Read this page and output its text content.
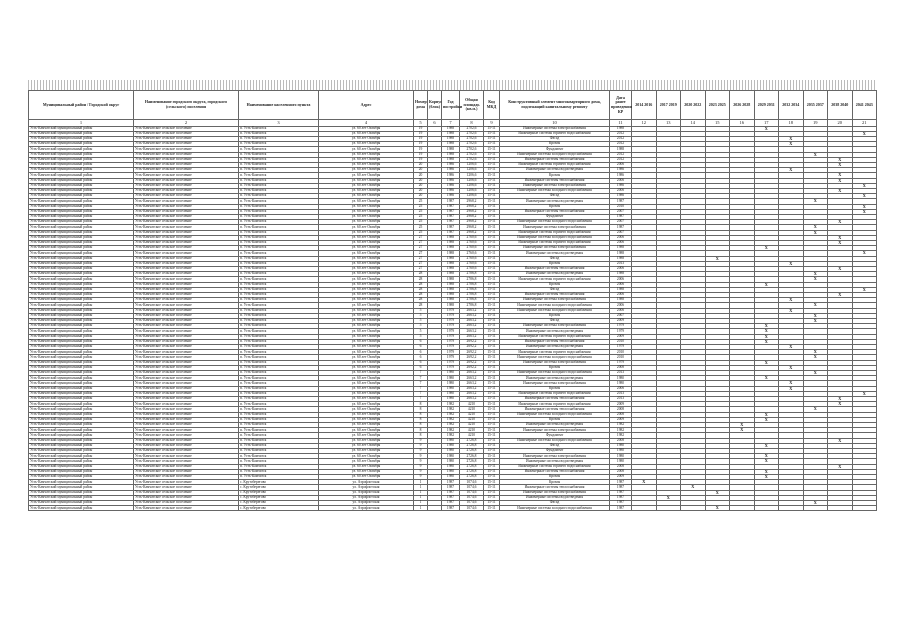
Муниципальный район / Городской округ	Наименование городского округа, городского (сельского) поселения	Наименование населенного пункта	Адрес	Номер дома	Корпус (блок)	Год постройки	Общая площадь (кв.м.)	Код МКД	Конструктивный элемент многоквартирного дома, подлежащий капитальному ремонту	Дата ранее проведения КР	2014 2016	2017 2019	2020 2022	2023 2025	2026 2028	2029 2031	2032 2034	2035 2037	2038 2040	2041 2043
1	2	3	4	5	6	7	8	9	10	11	12	13	14	15	16	17	18	19	20	21
Усть-Камчатский муниципальный район	Усть-Камчатское сельское поселение	п. Усть-Камчатск	ул. 60 лет Октября	19		1988	2702,6	15-11	Инженерные системы электроснабжения	1988						X				
Усть-Камчатский муниципальный район	Усть-Камчатское сельское поселение	п. Усть-Камчатск	ул. 60 лет Октября	19		1988	2702,6	15-11	Инженерные системы горячего водоснабжения	2012										X
Усть-Камчатский муниципальный район	Усть-Камчатское сельское поселение	п. Усть-Камчатск	ул. 60 лет Октября	19		1988	2702,6	15-11	Фасад	2012							X			
Усть-Камчатский муниципальный район	Усть-Камчатское сельское поселение	п. Усть-Камчатск	ул. 60 лет Октября	19		1988	2702,6	15-11	Кровля	2012							X			
Усть-Камчатский муниципальный район	Усть-Камчатское сельское поселение	п. Усть-Камчатск	ул. 60 лет Октября	19		1988	2702,6	15-11	Фундамент	1988										
Усть-Камчатский муниципальный район	Усть-Камчатское сельское поселение	п. Усть-Камчатск	ул. 60 лет Октября	19		1988	2702,6	15-11	Инженерные системы холодного водоснабжения	2012								X		
Усть-Камчатский муниципальный район	Усть-Камчатское сельское поселение	п. Усть-Камчатск	ул. 60 лет Октября	19		1988	2702,6	15-11	Инженерные системы теплоснабжения	2012									X	
Усть-Камчатский муниципальный район	Усть-Камчатское сельское поселение	п. Усть-Камчатск	ул. 60 лет Октября	20		1986	1206,6	15-11	Инженерные системы горячего водоснабжения	2006									X	
Усть-Камчатский муниципальный район	Усть-Камчатское сельское поселение	п. Усть-Камчатск	ул. 60 лет Октября	20		1986	1206,6	15-11	Инженерные системы водоотведения	1986							X			
Усть-Камчатский муниципальный район	Усть-Камчатское сельское поселение	п. Усть-Камчатск	ул. 60 лет Октября	20		1986	1206,6	15-11	Кровля	1986									X	
Усть-Камчатский муниципальный район	Усть-Камчатское сельское поселение	п. Усть-Камчатск	ул. 60 лет Октября	20		1986	1206,6	15-11	Инженерные системы теплоснабжения	2006									X	
Усть-Камчатский муниципальный район	Усть-Камчатское сельское поселение	п. Усть-Камчатск	ул. 60 лет Октября	20		1986	1206,6	15-11	Инженерные системы электроснабжения	1986										X
Усть-Камчатский муниципальный район	Усть-Камчатское сельское поселение	п. Усть-Камчатск	ул. 60 лет Октября	20		1986	1206,6	15-11	Инженерные системы холодного водоснабжения	2006									X	
Усть-Камчатский муниципальный район	Усть-Камчатское сельское поселение	п. Усть-Камчатск	ул. 60 лет Октября	20		1986	1206,6	15-11	Фасад	1986										X
Усть-Камчатский муниципальный район	Усть-Камчатское сельское поселение	п. Усть-Камчатск	ул. 60 лет Октября	25		1987	2968,2	15-11	Инженерные системы водоотведения	1987								X		
Усть-Камчатский муниципальный район	Усть-Камчатское сельское поселение	п. Усть-Камчатск	ул. 60 лет Октября	25		1987	2968,2	15-11	Кровля	2010										X
Усть-Камчатский муниципальный район	Усть-Камчатское сельское поселение	п. Усть-Камчатск	ул. 60 лет Октября	25		1987	2968,2	15-11	Инженерные системы теплоснабжения	2007										X
Усть-Камчатский муниципальный район	Усть-Камчатское сельское поселение	п. Усть-Камчатск	ул. 60 лет Октября	25		1987	2968,2	15-11	Фундамент	1987										
Усть-Камчатский муниципальный район	Усть-Камчатское сельское поселение	п. Усть-Камчатск	ул. 60 лет Октября	25		1987	2968,2	15-11	Инженерные системы холодного водоснабжения	2007									X	
Усть-Камчатский муниципальный район	Усть-Камчатское сельское поселение	п. Усть-Камчатск	ул. 60 лет Октября	25		1987	2968,2	15-11	Инженерные системы электроснабжения	1987								X		
Усть-Камчатский муниципальный район	Усть-Камчатское сельское поселение	п. Усть-Камчатск	ул. 60 лет Октября	25		1987	2968,2	15-11	Инженерные системы горячего водоснабжения	2007								X		
Усть-Камчатский муниципальный район	Усть-Камчатское сельское поселение	п. Усть-Камчатск	ул. 60 лет Октября	27		1988	2760,6	15-11	Инженерные системы холодного водоснабжения	2006									X	
Усть-Камчатский муниципальный район	Усть-Камчатское сельское поселение	п. Усть-Камчатск	ул. 60 лет Октября	27		1988	2760,6	15-11	Инженерные системы горячего водоснабжения	2006									X	
Усть-Камчатский муниципальный район	Усть-Камчатское сельское поселение	п. Усть-Камчатск	ул. 60 лет Октября	27		1988	2760,6	15-11	Инженерные системы электроснабжения	1988						X				
Усть-Камчатский муниципальный район	Усть-Камчатское сельское поселение	п. Усть-Камчатск	ул. 60 лет Октября	27		1988	2760,6	15-11	Инженерные системы водоотведения	1988										X
Усть-Камчатский муниципальный район	Усть-Камчатское сельское поселение	п. Усть-Камчатск	ул. 60 лет Октября	27		1988	2760,6	15-11	Фасад	1988				X						
Усть-Камчатский муниципальный район	Усть-Камчатское сельское поселение	п. Усть-Камчатск	ул. 60 лет Октября	27		1988	2760,6	15-11	Кровля	2013							X			
Усть-Камчатский муниципальный район	Усть-Камчатское сельское поселение	п. Усть-Камчатск	ул. 60 лет Октября	27		1988	2760,6	15-11	Инженерные системы теплоснабжения	2006									X	
Усть-Камчатский муниципальный район	Усть-Камчатское сельское поселение	п. Усть-Камчатск	ул. 60 лет Октября	28		1988	2786,8	15-11	Инженерные системы водоотведения	1988								X		
Усть-Камчатский муниципальный район	Усть-Камчатское сельское поселение	п. Усть-Камчатск	ул. 60 лет Октября	28		1988	2786,8	15-11	Инженерные системы горячего водоснабжения	2006								X		
Усть-Камчатский муниципальный район	Усть-Камчатское сельское поселение	п. Усть-Камчатск	ул. 60 лет Октября	28		1988	2786,8	15-11	Кровля	2006						X				
Усть-Камчатский муниципальный район	Усть-Камчатское сельское поселение	п. Усть-Камчатск	ул. 60 лет Октября	28		1988	2786,8	15-11	Фасад	1988										X
Усть-Камчатский муниципальный район	Усть-Камчатское сельское поселение	п. Усть-Камчатск	ул. 60 лет Октября	28		1988	2786,8	15-11	Инженерные системы теплоснабжения	2006									X	
Усть-Камчатский муниципальный район	Усть-Камчатское сельское поселение	п. Усть-Камчатск	ул. 60 лет Октября	28		1988	2786,8	15-11	Инженерные системы электроснабжения	1988							X			
Усть-Камчатский муниципальный район	Усть-Камчатское сельское поселение	п. Усть-Камчатск	ул. 60 лет Октября	28		1988	2786,8	15-11	Инженерные системы холодного водоснабжения	2006								X		
Усть-Камчатский муниципальный район	Усть-Камчатское сельское поселение	п. Усть-Камчатск	ул. 60 лет Октября	5		1979	2663,2	15-11	Инженерные системы холодного водоснабжения	2006							X			
Усть-Камчатский муниципальный район	Усть-Камчатское сельское поселение	п. Усть-Камчатск	ул. 60 лет Октября	5		1979	2663,2	15-11	Кровля	2007								X		
Усть-Камчатский муниципальный район	Усть-Камчатское сельское поселение	п. Усть-Камчатск	ул. 60 лет Октября	5		1979	2663,2	15-11	Фасад	2009								X		
Усть-Камчатский муниципальный район	Усть-Камчатское сельское поселение	п. Усть-Камчатск	ул. 60 лет Октября	5		1979	2663,2	15-11	Инженерные системы электроснабжения	1979						X				
Усть-Камчатский муниципальный район	Усть-Камчатское сельское поселение	п. Усть-Камчатск	ул. 60 лет Октября	5		1979	2663,2	15-11	Инженерные системы водоотведения	1979						X				
Усть-Камчатский муниципальный район	Усть-Камчатское сельское поселение	п. Усть-Камчатск	ул. 60 лет Октября	5		1979	2663,2	15-11	Инженерные системы горячего водоснабжения	2009						X				
Усть-Камчатский муниципальный район	Усть-Камчатское сельское поселение	п. Усть-Камчатск	ул. 60 лет Октября	6		1979	2692,2	15-11	Инженерные системы теплоснабжения	2010						X				
Усть-Камчатский муниципальный район	Усть-Камчатское сельское поселение	п. Усть-Камчатск	ул. 60 лет Октября	6		1979	2692,2	15-11	Инженерные системы водоотведения	1979							X			
Усть-Камчатский муниципальный район	Усть-Камчатское сельское поселение	п. Усть-Камчатск	ул. 60 лет Октября	6		1979	2692,2	15-11	Инженерные системы горячего водоснабжения	2010								X		
Усть-Камчатский муниципальный район	Усть-Камчатское сельское поселение	п. Усть-Камчатск	ул. 60 лет Октября	6		1979	2692,2	15-11	Инженерные системы холодного водоснабжения	2010								X		
Усть-Камчатский муниципальный район	Усть-Камчатское сельское поселение	п. Усть-Камчатск	ул. 60 лет Октября	6		1979	2692,2	15-11	Инженерные системы электроснабжения	1979						X				
Усть-Камчатский муниципальный район	Усть-Камчатское сельское поселение	п. Усть-Камчатск	ул. 60 лет Октября	6		1979	2692,2	15-11	Кровля	2008							X			
Усть-Камчатский муниципальный район	Усть-Камчатское сельское поселение	п. Усть-Камчатск	ул. 60 лет Октября	7		1980	2663,2	15-11	Инженерные системы холодного водоснабжения	2013								X		
Усть-Камчатский муниципальный район	Усть-Камчатское сельское поселение	п. Усть-Камчатск	ул. 60 лет Октября	7		1980	2663,2	15-11	Инженерные системы водоотведения	1980						X				
Усть-Камчатский муниципальный район	Усть-Камчатское сельское поселение	п. Усть-Камчатск	ул. 60 лет Октября	7		1980	2663,2	15-11	Инженерные системы электроснабжения	1980							X			
Усть-Камчатский муниципальный район	Усть-Камчатское сельское поселение	п. Усть-Камчатск	ул. 60 лет Октября	7		1980	2663,2	15-11	Кровля	2006							X			
Усть-Камчатский муниципальный район	Усть-Камчатское сельское поселение	п. Усть-Камчатск	ул. 60 лет Октября	7		1980	2663,2	15-11	Инженерные системы горячего водоснабжения	2013										X
Усть-Камчатский муниципальный район	Усть-Камчатское сельское поселение	п. Усть-Камчатск	ул. 60 лет Октября	7		1980	2663,2	15-11	Инженерные системы теплоснабжения	2013									X	
Усть-Камчатский муниципальный район	Усть-Камчатское сельское поселение	п. Усть-Камчатск	ул. 60 лет Октября	8		1982	4210	15-11	Инженерные системы горячего водоснабжения	2009									X	
Усть-Камчатский муниципальный район	Усть-Камчатское сельское поселение	п. Усть-Камчатск	ул. 60 лет Октября	8		1982	4210	15-11	Инженерные системы теплоснабжения	2008								X		
Усть-Камчатский муниципальный район	Усть-Камчатское сельское поселение	п. Усть-Камчатск	ул. 60 лет Октября	8		1982	4210	15-11	Инженерные системы холодного водоснабжения	2008						X				
Усть-Камчатский муниципальный район	Усть-Камчатское сельское поселение	п. Усть-Камчатск	ул. 60 лет Октября	8		1982	4210	15-11	Кровля	2009						X				
Усть-Камчатский муниципальный район	Усть-Камчатское сельское поселение	п. Усть-Камчатск	ул. 60 лет Октября	8		1982	4210	15-11	Инженерные системы водоотведения	1982					X					
Усть-Камчатский муниципальный район	Усть-Камчатское сельское поселение	п. Усть-Камчатск	ул. 60 лет Октября	8		1982	4210	15-11	Инженерные системы электроснабжения	1982					X					
Усть-Камчатский муниципальный район	Усть-Камчатское сельское поселение	п. Усть-Камчатск	ул. 60 лет Октября	8		1982	4210	15-11	Фундамент	1982										
Усть-Камчатский муниципальный район	Усть-Камчатское сельское поселение	п. Усть-Камчатск	ул. 60 лет Октября	9		1980	2726,8	15-11	Инженерные системы холодного водоснабжения	2008									X	
Усть-Камчатский муниципальный район	Усть-Камчатское сельское поселение	п. Усть-Камчатск	ул. 60 лет Октября	9		1980	2726,8	15-11	Фасад	1980						X				
Усть-Камчатский муниципальный район	Усть-Камчатское сельское поселение	п. Усть-Камчатск	ул. 60 лет Октября	9		1980	2726,8	15-11	Фундамент	1980										
Усть-Камчатский муниципальный район	Усть-Камчатское сельское поселение	п. Усть-Камчатск	ул. 60 лет Октября	9		1980	2726,8	15-11	Инженерные системы электроснабжения	1980						X				
Усть-Камчатский муниципальный район	Усть-Камчатское сельское поселение	п. Усть-Камчатск	ул. 60 лет Октября	9		1980	2726,8	15-11	Инженерные системы водоотведения	1980						X				
Усть-Камчатский муниципальный район	Усть-Камчатское сельское поселение	п. Усть-Камчатск	ул. 60 лет Октября	9		1980	2726,8	15-11	Инженерные системы горячего водоснабжения	2008									X	
Усть-Камчатский муниципальный район	Усть-Камчатское сельское поселение	п. Усть-Камчатск	ул. 60 лет Октября	9		1980	2726,8	15-11	Инженерные системы теплоснабжения	2008						X				
Усть-Камчатский муниципальный район	Усть-Камчатское сельское поселение	п. Усть-Камчатск	ул. 60 лет Октября	9		1980	2726,8	15-11	Кровля	2009						X				
Усть-Камчатский муниципальный район	Усть-Камчатское сельское поселение	с. Крутоберегово	ул. Аэрофлотская	1		1987	1074,6	15-11	Кровля	1987	X									
Усть-Камчатский муниципальный район	Усть-Камчатское сельское поселение	с. Крутоберегово	ул. Аэрофлотская	1		1987	1074,6	15-11	Инженерные системы теплоснабжения	1987			X							
Усть-Камчатский муниципальный район	Усть-Камчатское сельское поселение	с. Крутоберегово	ул. Аэрофлотская	1		1987	1074,6	15-11	Инженерные системы электроснабжения	1987				X						
Усть-Камчатский муниципальный район	Усть-Камчатское сельское поселение	с. Крутоберегово	ул. Аэрофлотская	1		1987	1074,6	15-11	Инженерные системы водоотведения	1987		X								
Усть-Камчатский муниципальный район	Усть-Камчатское сельское поселение	с. Крутоберегово	ул. Аэрофлотская	1		1987	1074,6	15-11	Фасад	1987								X		
Усть-Камчатский муниципальный район	Усть-Камчатское сельское поселение	с. Крутоберегово	ул. Аэрофлотская	1		1987	1074,6	15-11	Инженерные системы холодного водоснабжения	1987				X						
